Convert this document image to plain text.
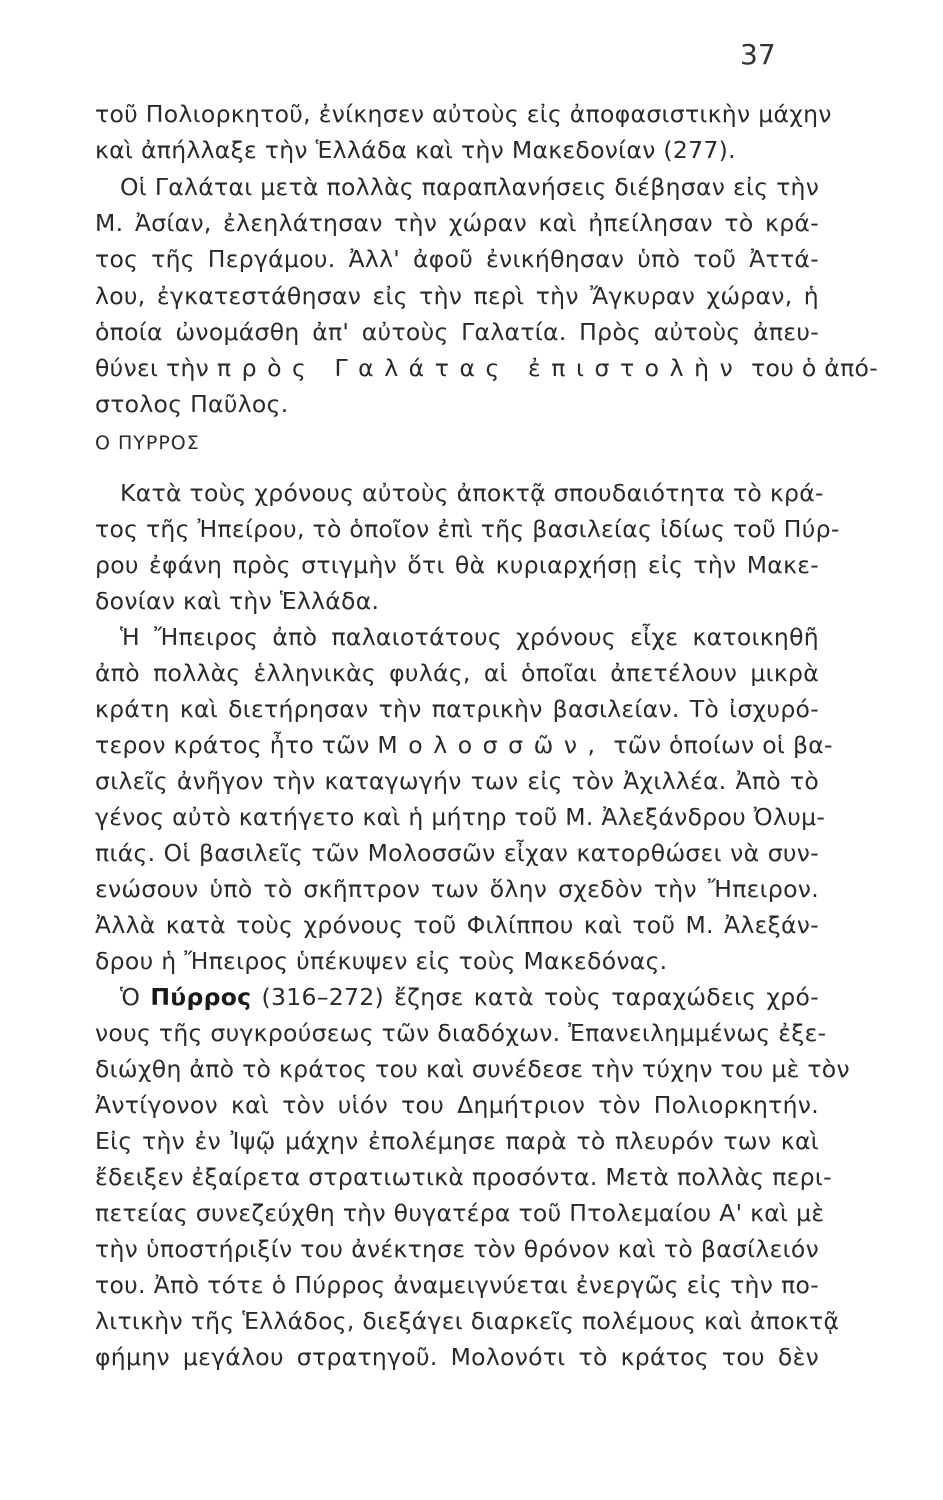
37
τοῦ Πολιορκητοῦ, ἐνίκησεν αὐτοὺς εἰς ἀποφασιστικὴν μάχην
καὶ ἀπήλλαξε τὴν Ἑλλάδα καὶ τὴν Μακεδονίαν (277).
Οἱ Γαλάται μετὰ πολλὰς παραπλανήσεις διέβησαν εἰς τὴν
Μ. Ἀσίαν, ἐλεηλάτησαν τὴν χώραν καὶ ἠπείλησαν τὸ κρά-
τος τῆς Περγάμου. Ἀλλ' ἀφοῦ ἐνικήθησαν ὑπὸ τοῦ Ἀττά-
λου, ἐγκατεστάθησαν εἰς τὴν περὶ τὴν Ἄγκυραν χώραν, ἡ
ὁποία ὠνομάσθη ἀπ' αὐτοὺς Γαλατία. Πρὸς αὐτοὺς ἀπευ-
θύνει τὴν πρὸς Γαλάτας ἐπιστολὴν του ὁ ἀπό-
στολος Παῦλος.
Ο ΠΥΡΡΟΣ
Κατὰ τοὺς χρόνους αὐτοὺς ἀποκτᾷ σπουδαιότητα τὸ κρά-
τος τῆς Ἠπείρου, τὸ ὁποῖον ἐπὶ τῆς βασιλείας ἰδίως τοῦ Πύρ-
ρου ἐφάνη πρὸς στιγμὴν ὅτι θὰ κυριαρχήσῃ εἰς τὴν Μακε-
δονίαν καὶ τὴν Ἑλλάδα.
Ἡ Ἤπειρος ἀπὸ παλαιοτάτους χρόνους εἶχε κατοικηθῆ
ἀπὸ πολλὰς ἑλληνικὰς φυλάς, αἱ ὁποῖαι ἀπετέλουν μικρὰ
κράτη καὶ διετήρησαν τὴν πατρικὴν βασιλείαν. Τὸ ἰσχυρό-
τερον κράτος ἦτο τῶν Μολοσσῶν, τῶν ὁποίων οἱ βα-
σιλεῖς ἀνῆγον τὴν καταγωγήν των εἰς τὸν Ἀχιλλέα. Ἀπὸ τὸ
γένος αὐτὸ κατήγετο καὶ ἡ μήτηρ τοῦ Μ. Ἀλεξάνδρου Ὀλυμ-
πιάς. Οἱ βασιλεῖς τῶν Μολοσσῶν εἶχαν κατορθώσει νὰ συν-
ενώσουν ὑπὸ τὸ σκῆπτρον των ὅλην σχεδὸν τὴν Ἤπειρον.
Ἀλλὰ κατὰ τοὺς χρόνους τοῦ Φιλίππου καὶ τοῦ Μ. Ἀλεξάν-
δρου ἡ Ἤπειρος ὑπέκυψεν εἰς τοὺς Μακεδόνας.
Ὁ Πύρρος (316–272) ἔζησε κατὰ τοὺς ταραχώδεις χρό-
νους τῆς συγκρούσεως τῶν διαδόχων. Ἐπανειλημμένως ἐξε-
διώχθη ἀπὸ τὸ κράτος του καὶ συνέδεσε τὴν τύχην του μὲ τὸν
Ἀντίγονον καὶ τὸν υἱόν του Δημήτριον τὸν Πολιορκητήν.
Εἰς τὴν ἐν Ἰψῷ μάχην ἐπολέμησε παρὰ τὸ πλευρόν των καὶ
ἔδειξεν ἐξαίρετα στρατιωτικὰ προσόντα. Μετὰ πολλὰς περι-
πετείας συνεζεύχθη τὴν θυγατέρα τοῦ Πτολεμαίου Α' καὶ μὲ
τὴν ὑποστήριξίν του ἀνέκτησε τὸν θρόνον καὶ τὸ βασίλειόν
του. Ἀπὸ τότε ὁ Πύρρος ἀναμειγνύεται ἐνεργῶς εἰς τὴν πο-
λιτικὴν τῆς Ἑλλάδος, διεξάγει διαρκεῖς πολέμους καὶ ἀποκτᾷ
φήμην μεγάλου στρατηγοῦ. Μολονότι τὸ κράτος του δὲν
